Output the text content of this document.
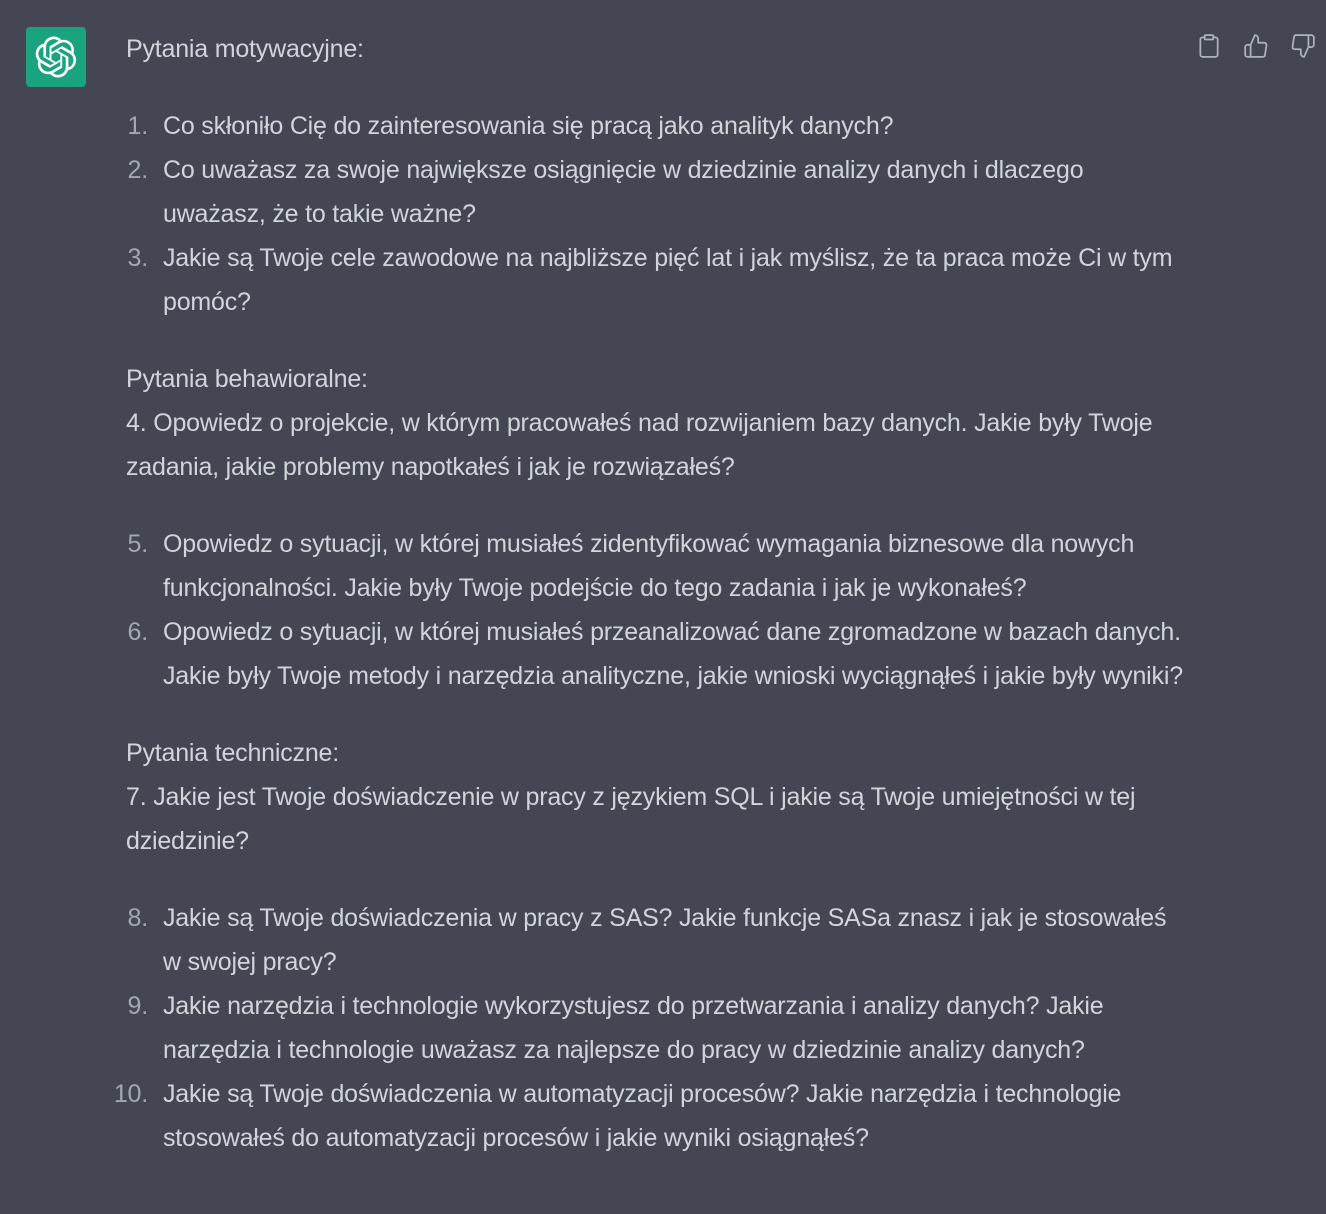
Pytania motywacyjne:

1. Co skłoniło Cię do zainteresowania się pracą jako analityk danych?
2. Co uważasz za swoje największe osiągnięcie w dziedzinie analizy danych i dlaczego uważasz, że to takie ważne?
3. Jakie są Twoje cele zawodowe na najbliższe pięć lat i jak myślisz, że ta praca może Ci w tym pomóc?

Pytania behawioralne:

4. Opowiedz o projekcie, w którym pracowałeś nad rozwijaniem bazy danych. Jakie były Twoje zadania, jakie problemy napotkałeś i jak je rozwiązałeś?

5. Opowiedz o sytuacji, w której musiałeś zidentyfikować wymagania biznesowe dla nowych funkcjonalności. Jakie były Twoje podejście do tego zadania i jak je wykonałeś?
6. Opowiedz o sytuacji, w której musiałeś przeanalizować dane zgromadzone w bazach danych. Jakie były Twoje metody i narzędzia analityczne, jakie wnioski wyciągnąłeś i jakie były wyniki?

Pytania techniczne:

7. Jakie jest Twoje doświadczenie w pracy z językiem SQL i jakie są Twoje umiejętności w tej dziedzinie?

8. Jakie są Twoje doświadczenia w pracy z SAS? Jakie funkcje SASa znasz i jak je stosowałeś w swojej pracy?
9. Jakie narzędzia i technologie wykorzystujesz do przetwarzania i analizy danych? Jakie narzędzia i technologie uważasz za najlepsze do pracy w dziedzinie analizy danych?
10. Jakie są Twoje doświadczenia w automatyzacji procesów? Jakie narzędzia i technologie stosowałeś do automatyzacji procesów i jakie wyniki osiągnąłeś?
